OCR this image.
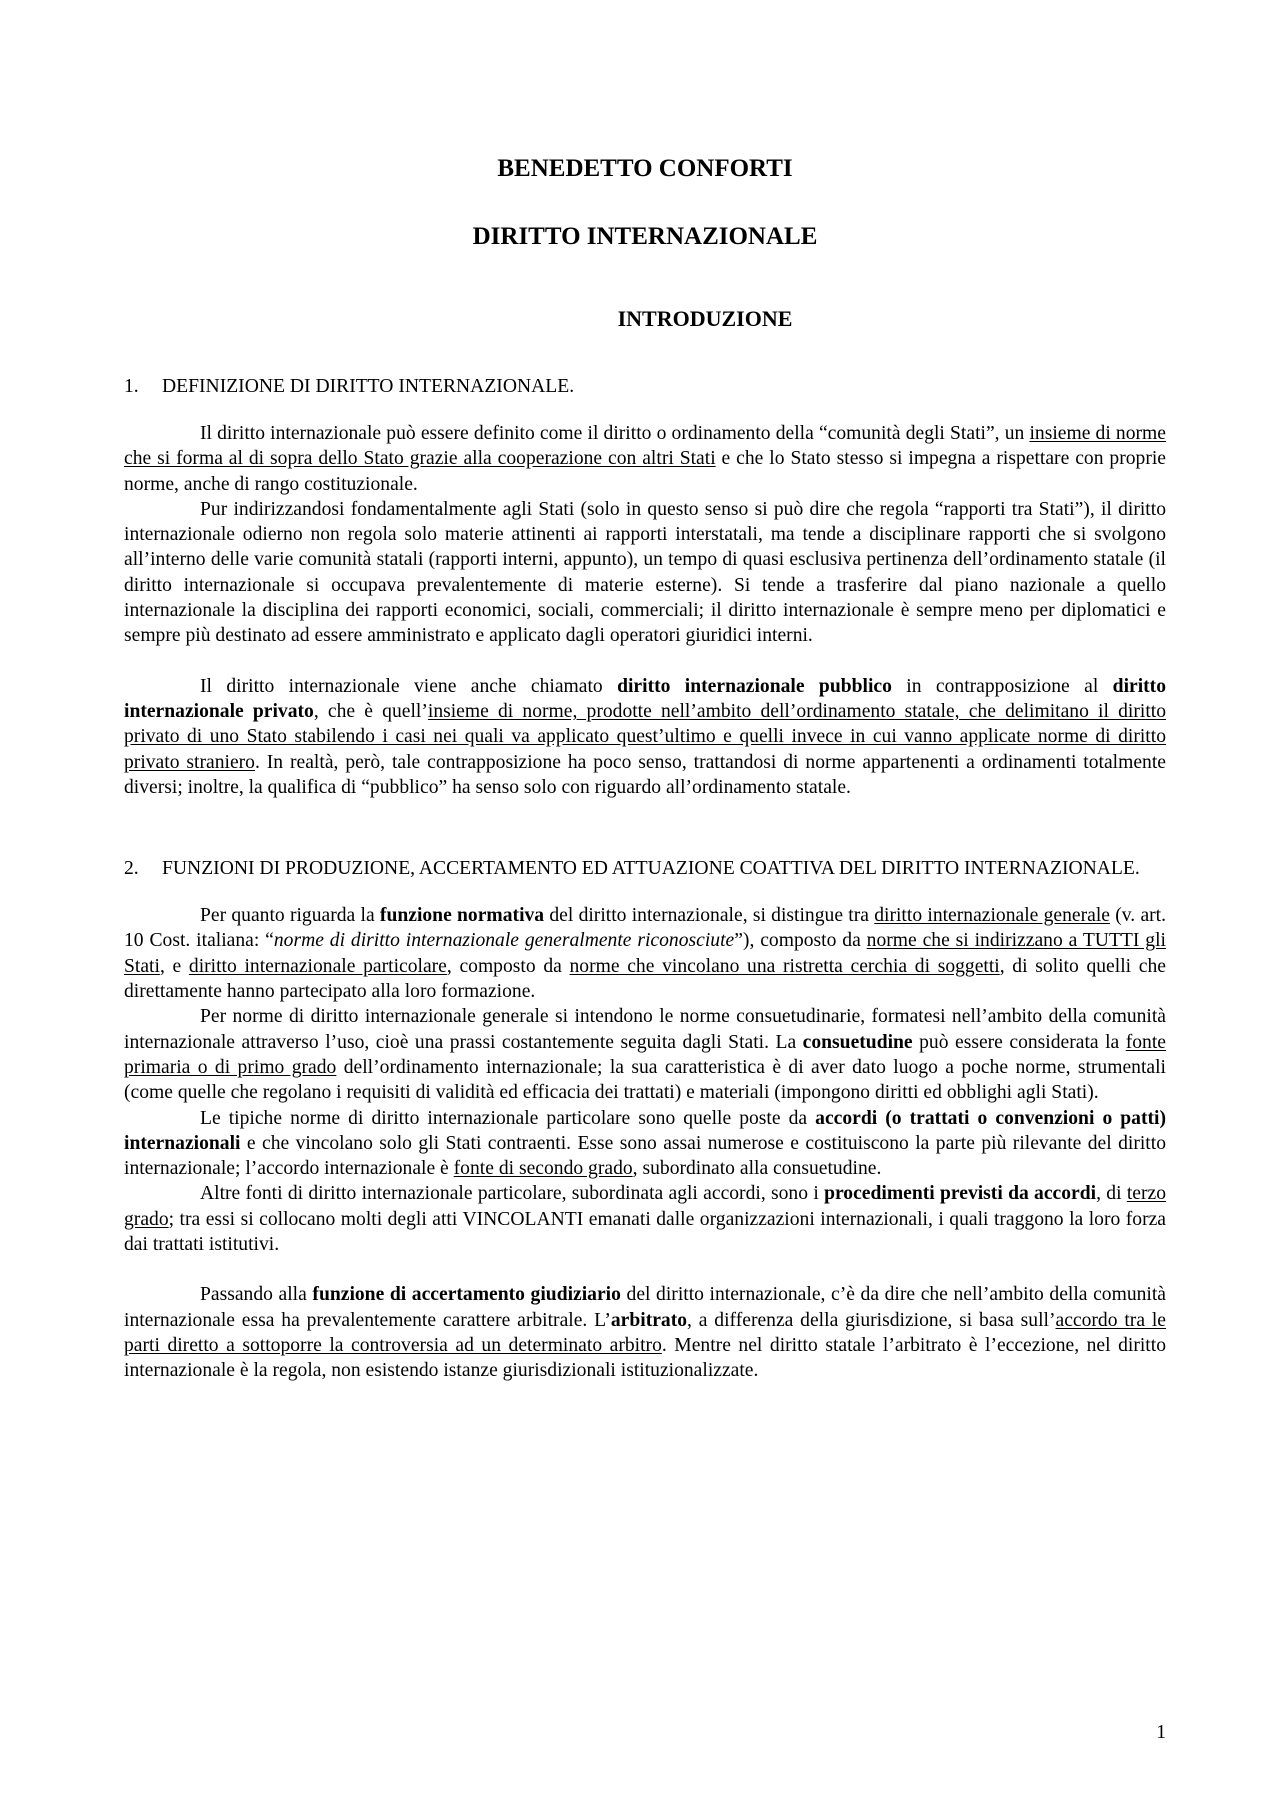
BENEDETTO CONFORTI
DIRITTO INTERNAZIONALE
INTRODUZIONE
1.	DEFINIZIONE DI DIRITTO INTERNAZIONALE.

Il diritto internazionale può essere definito come il diritto o ordinamento della “comunità degli Stati”, un insieme di norme che si forma al di sopra dello Stato grazie alla cooperazione con altri Stati e che lo Stato stesso si impegna a rispettare con proprie norme, anche di rango costituzionale.

Pur indirizzandosi fondamentalmente agli Stati (solo in questo senso si può dire che regola “rapporti tra Stati”), il diritto internazionale odierno non regola solo materie attinenti ai rapporti interstatali, ma tende a disciplinare rapporti che si svolgono all’interno delle varie comunità statali (rapporti interni, appunto), un tempo di quasi esclusiva pertinenza dell’ordinamento statale (il diritto internazionale si occupava prevalentemente di materie esterne). Si tende a trasferire dal piano nazionale a quello internazionale la disciplina dei rapporti economici, sociali, commerciali; il diritto internazionale è sempre meno per diplomatici e sempre più destinato ad essere amministrato e applicato dagli operatori giuridici interni.

Il diritto internazionale viene anche chiamato diritto internazionale pubblico in contrapposizione al diritto internazionale privato, che è quell’insieme di norme, prodotte nell’ambito dell’ordinamento statale, che delimitano il diritto privato di uno Stato stabilendo i casi nei quali va applicato quest’ultimo e quelli invece in cui vanno applicate norme di diritto privato straniero. In realtà, però, tale contrapposizione ha poco senso, trattandosi di norme appartenenti a ordinamenti totalmente diversi; inoltre, la qualifica di “pubblico” ha senso solo con riguardo all’ordinamento statale.

2.	FUNZIONI DI PRODUZIONE, ACCERTAMENTO ED ATTUAZIONE COATTIVA DEL DIRITTO INTERNAZIONALE.

Per quanto riguarda la funzione normativa del diritto internazionale, si distingue tra diritto internazionale generale (v. art. 10 Cost. italiana: “norme di diritto internazionale generalmente riconosciute”), composto da norme che si indirizzano a TUTTI gli Stati, e diritto internazionale particolare, composto da norme che vincolano una ristretta cerchia di soggetti, di solito quelli che direttamente hanno partecipato alla loro formazione.

Per norme di diritto internazionale generale si intendono le norme consuetudinarie, formatesi nell’ambito della comunità internazionale attraverso l’uso, cioè una prassi costantemente seguita dagli Stati. La consuetudine può essere considerata la fonte primaria o di primo grado dell’ordinamento internazionale; la sua caratteristica è di aver dato luogo a poche norme, strumentali (come quelle che regolano i requisiti di validità ed efficacia dei trattati) e materiali (impongono diritti ed obblighi agli Stati).

Le tipiche norme di diritto internazionale particolare sono quelle poste da accordi (o trattati o convenzioni o patti) internazionali e che vincolano solo gli Stati contraenti. Esse sono assai numerose e costituiscono la parte più rilevante del diritto internazionale; l’accordo internazionale è fonte di secondo grado, subordinato alla consuetudine.

Altre fonti di diritto internazionale particolare, subordinata agli accordi, sono i procedimenti previsti da accordi, di terzo grado; tra essi si collocano molti degli atti VINCOLANTI emanati dalle organizzazioni internazionali, i quali traggono la loro forza dai trattati istitutivi.

Passando alla funzione di accertamento giudiziario del diritto internazionale, c’è da dire che nell’ambito della comunità internazionale essa ha prevalentemente carattere arbitrale. L’arbitrato, a differenza della giurisdizione, si basa sull’accordo tra le parti diretto a sottoporre la controversia ad un determinato arbitro. Mentre nel diritto statale l’arbitrato è l’eccezione, nel diritto internazionale è la regola, non esistendo istanze giurisdizionali istituzionalizzate.

1
